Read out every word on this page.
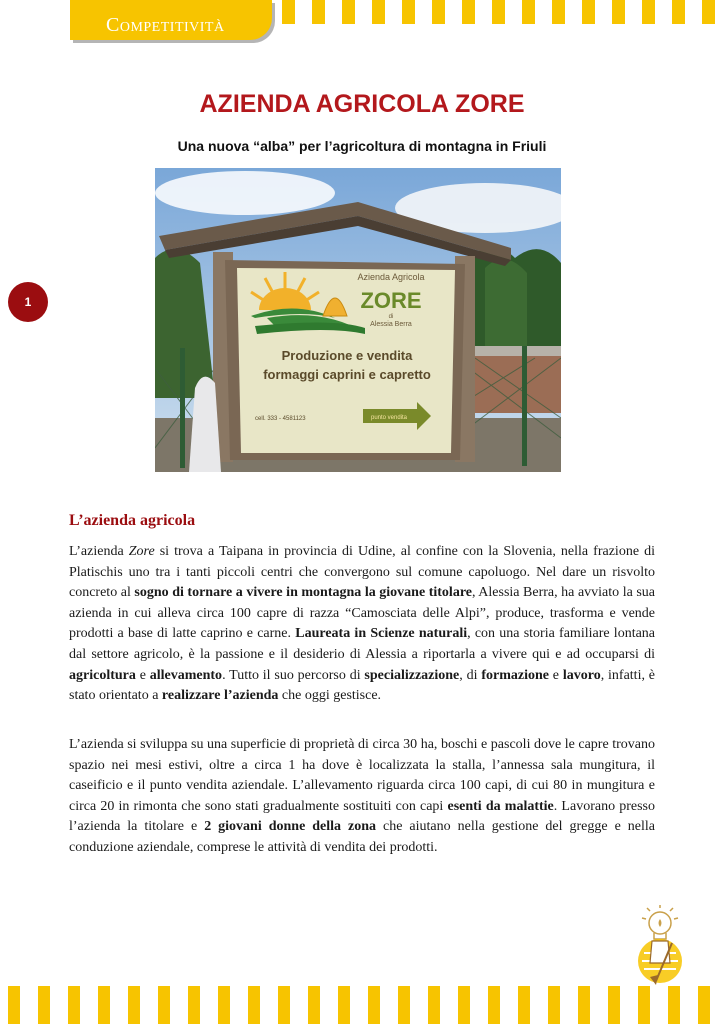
Competitività
1
AZIENDA AGRICOLA ZORE

Una nuova “alba” per l’agricoltura di montagna in Friuli

Azienda Agricola
ZORE
di
Alessia Berra
Produzione e vendita
formaggi caprini e capretto
cell. 333 - 4581123	punto vendita
L’azienda agricola

L’azienda Zore si trova a Taipana in provincia di Udine, al confine con la Slovenia, nella frazione di Platischis uno tra i tanti piccoli centri che convergono sul comune capoluogo. Nel dare un risvolto concreto al sogno di tornare a vivere in montagna la giovane titolare, Alessia Berra, ha avviato la sua azienda in cui alleva circa 100 capre di razza “Camosciata delle Alpi”, produce, trasforma e vende prodotti a base di latte caprino e carne. Laureata in Scienze naturali, con una storia familiare lontana dal settore agricolo, è la passione e il desiderio di Alessia a riportarla a vivere qui e ad occuparsi di agricoltura e allevamento. Tutto il suo percorso di specializzazione, di formazione e lavoro, infatti, è stato orientato a realizzare l’azienda che oggi gestisce.

L’azienda si sviluppa su una superficie di proprietà di circa 30 ha, boschi e pascoli dove le capre trovano spazio nei mesi estivi, oltre a circa 1 ha dove è localizzata la stalla, l’annessa sala mungitura, il caseificio e il punto vendita aziendale. L’allevamento riguarda circa 100 capi, di cui 80 in mungitura e circa 20 in rimonta che sono stati gradualmente sostituiti con capi esenti da malattie. Lavorano presso l’azienda la titolare e 2 giovani donne della zona che aiutano nella gestione del gregge e nella conduzione aziendale, comprese le attività di vendita dei prodotti.
